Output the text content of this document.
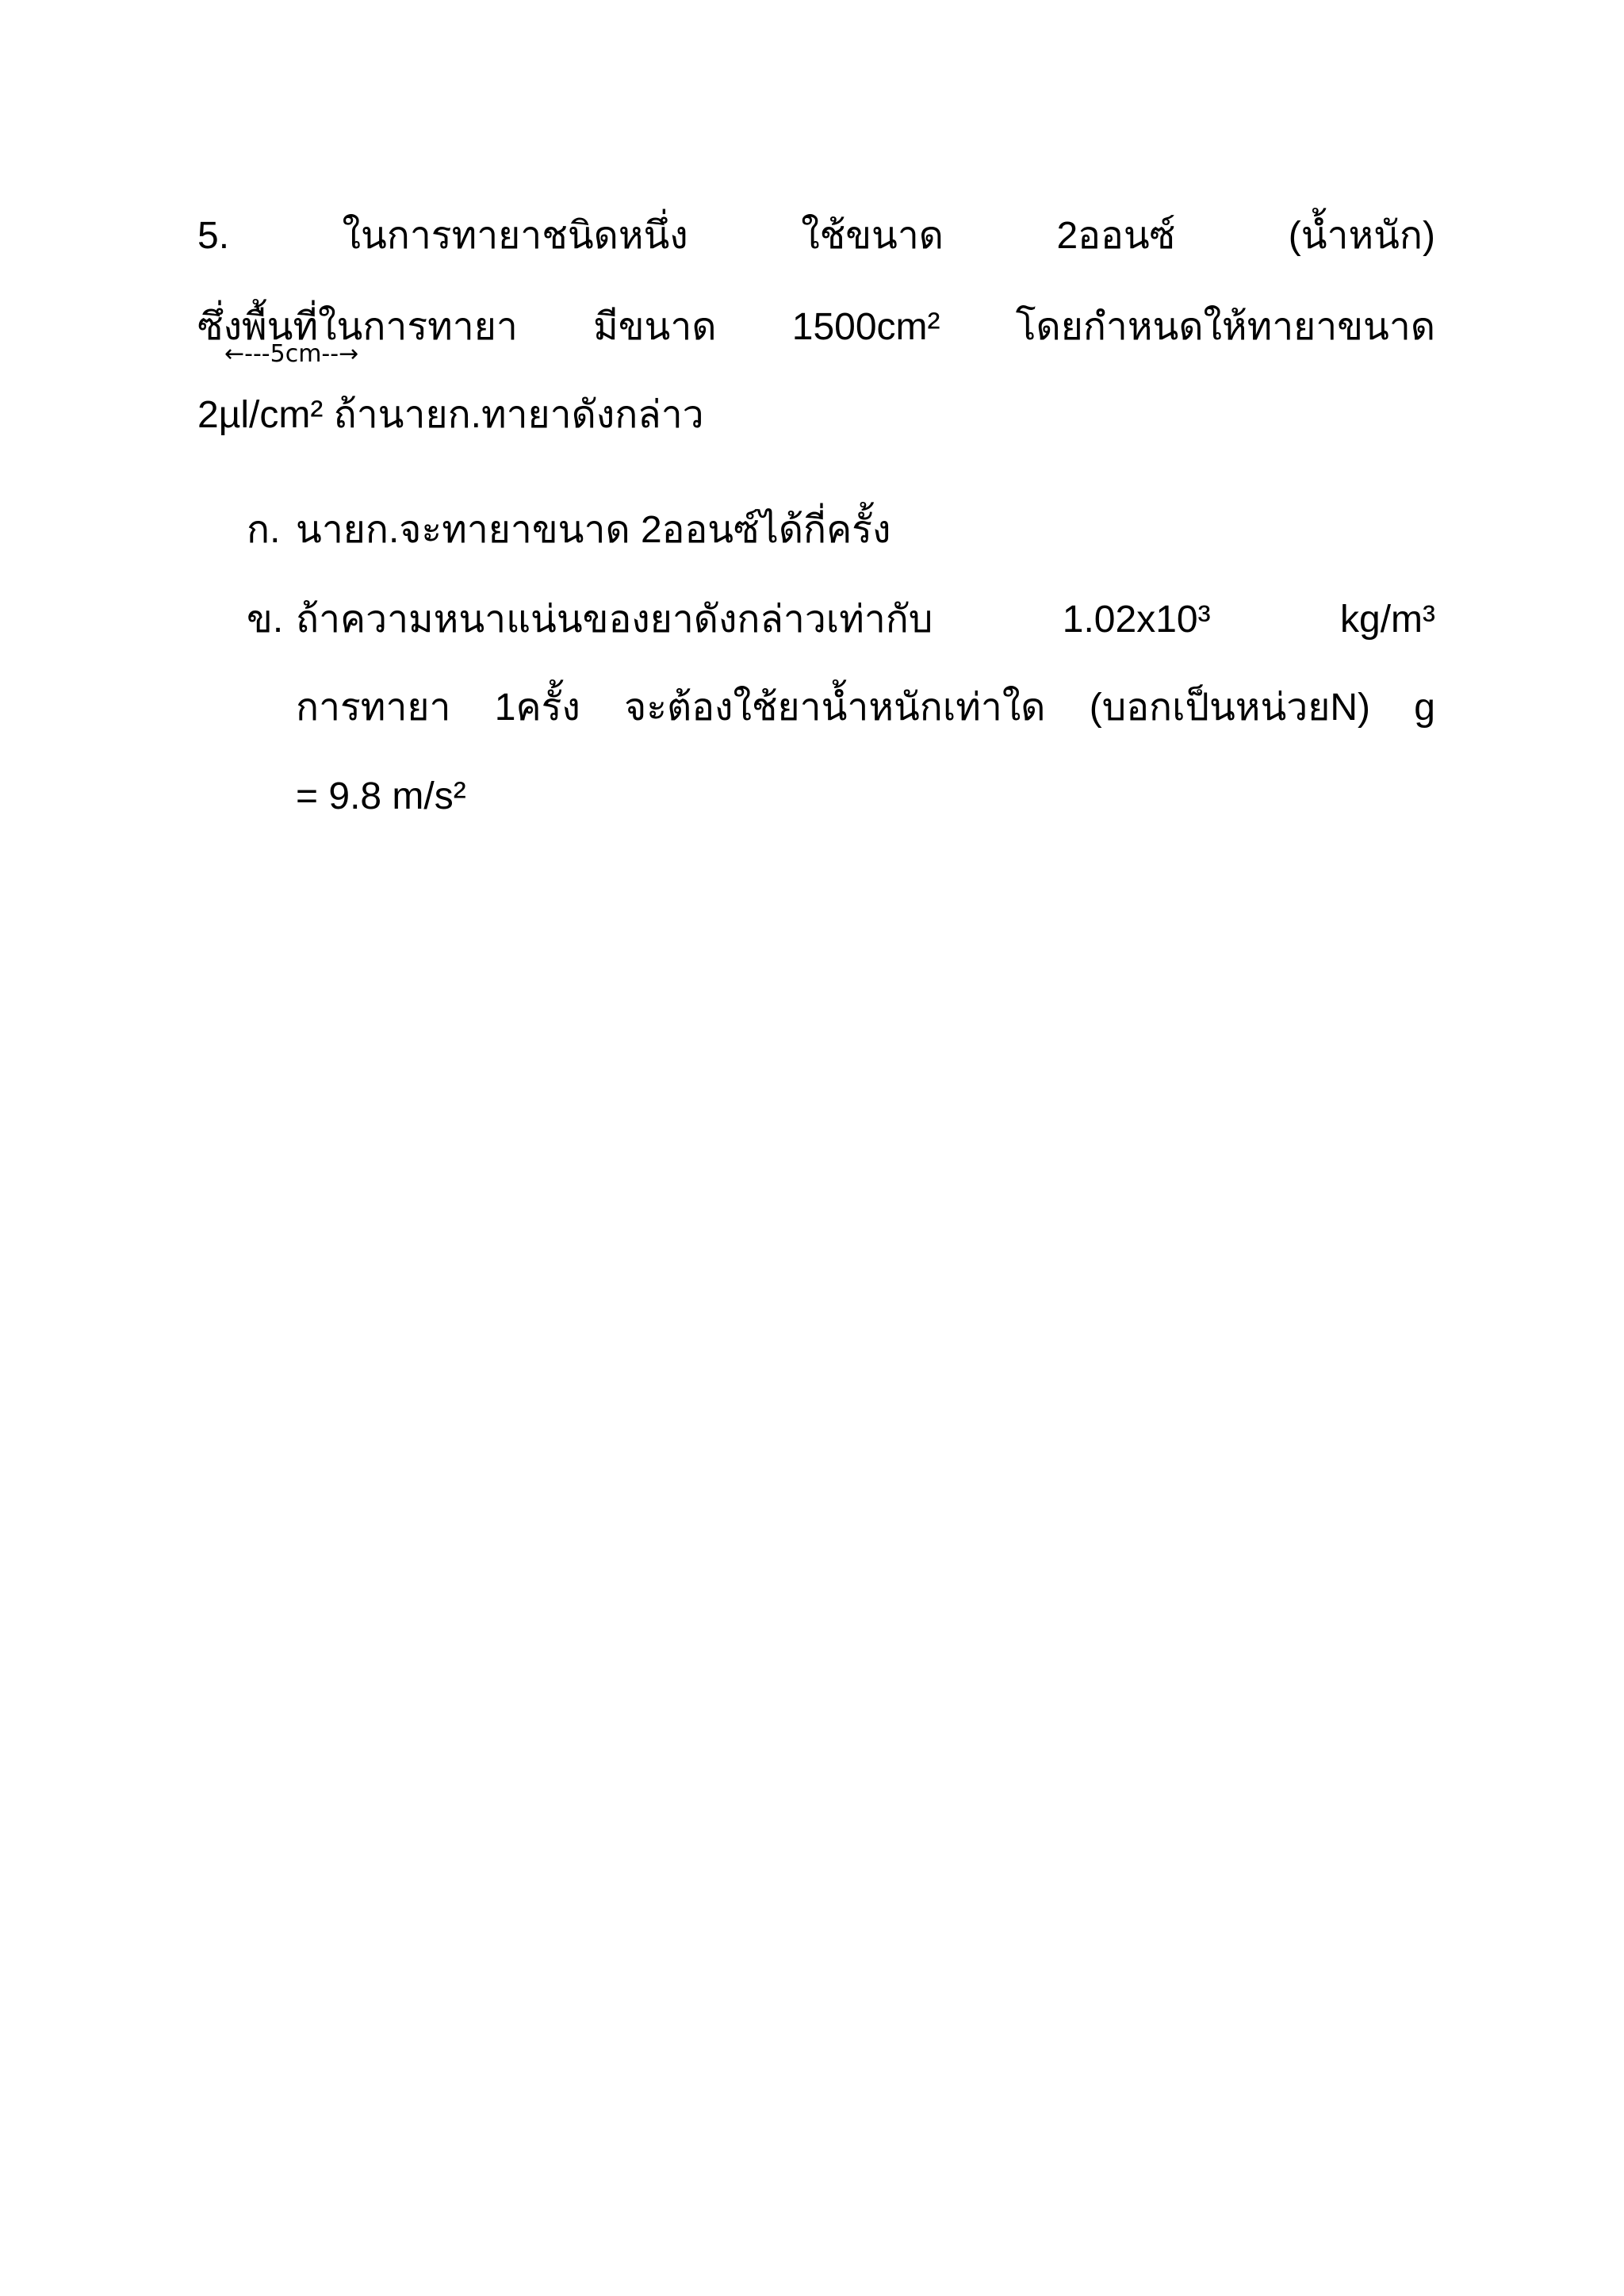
5.	ในการทายาชนิดหนึ่ง	ใช้ขนาด	2ออนซ์	(น้ำหนัก)
ซึ่งพื้นที่ในการทายา มีขนาด 1500cm² โดยกำหนดให้ทายาขนาด
←---5cm--→
2µl/cm² ถ้านายก.ทายาดังกล่าว
ก. นายก.จะทายาขนาด 2ออนซ์ได้กี่ครั้ง
ข. ถ้าความหนาแน่นของยาดังกล่าวเท่ากับ	1.02x10³	kg/m³
การทายา 1ครั้ง จะต้องใช้ยาน้ำหนักเท่าใด (บอกเป็นหน่วยN) g
= 9.8 m/s²
